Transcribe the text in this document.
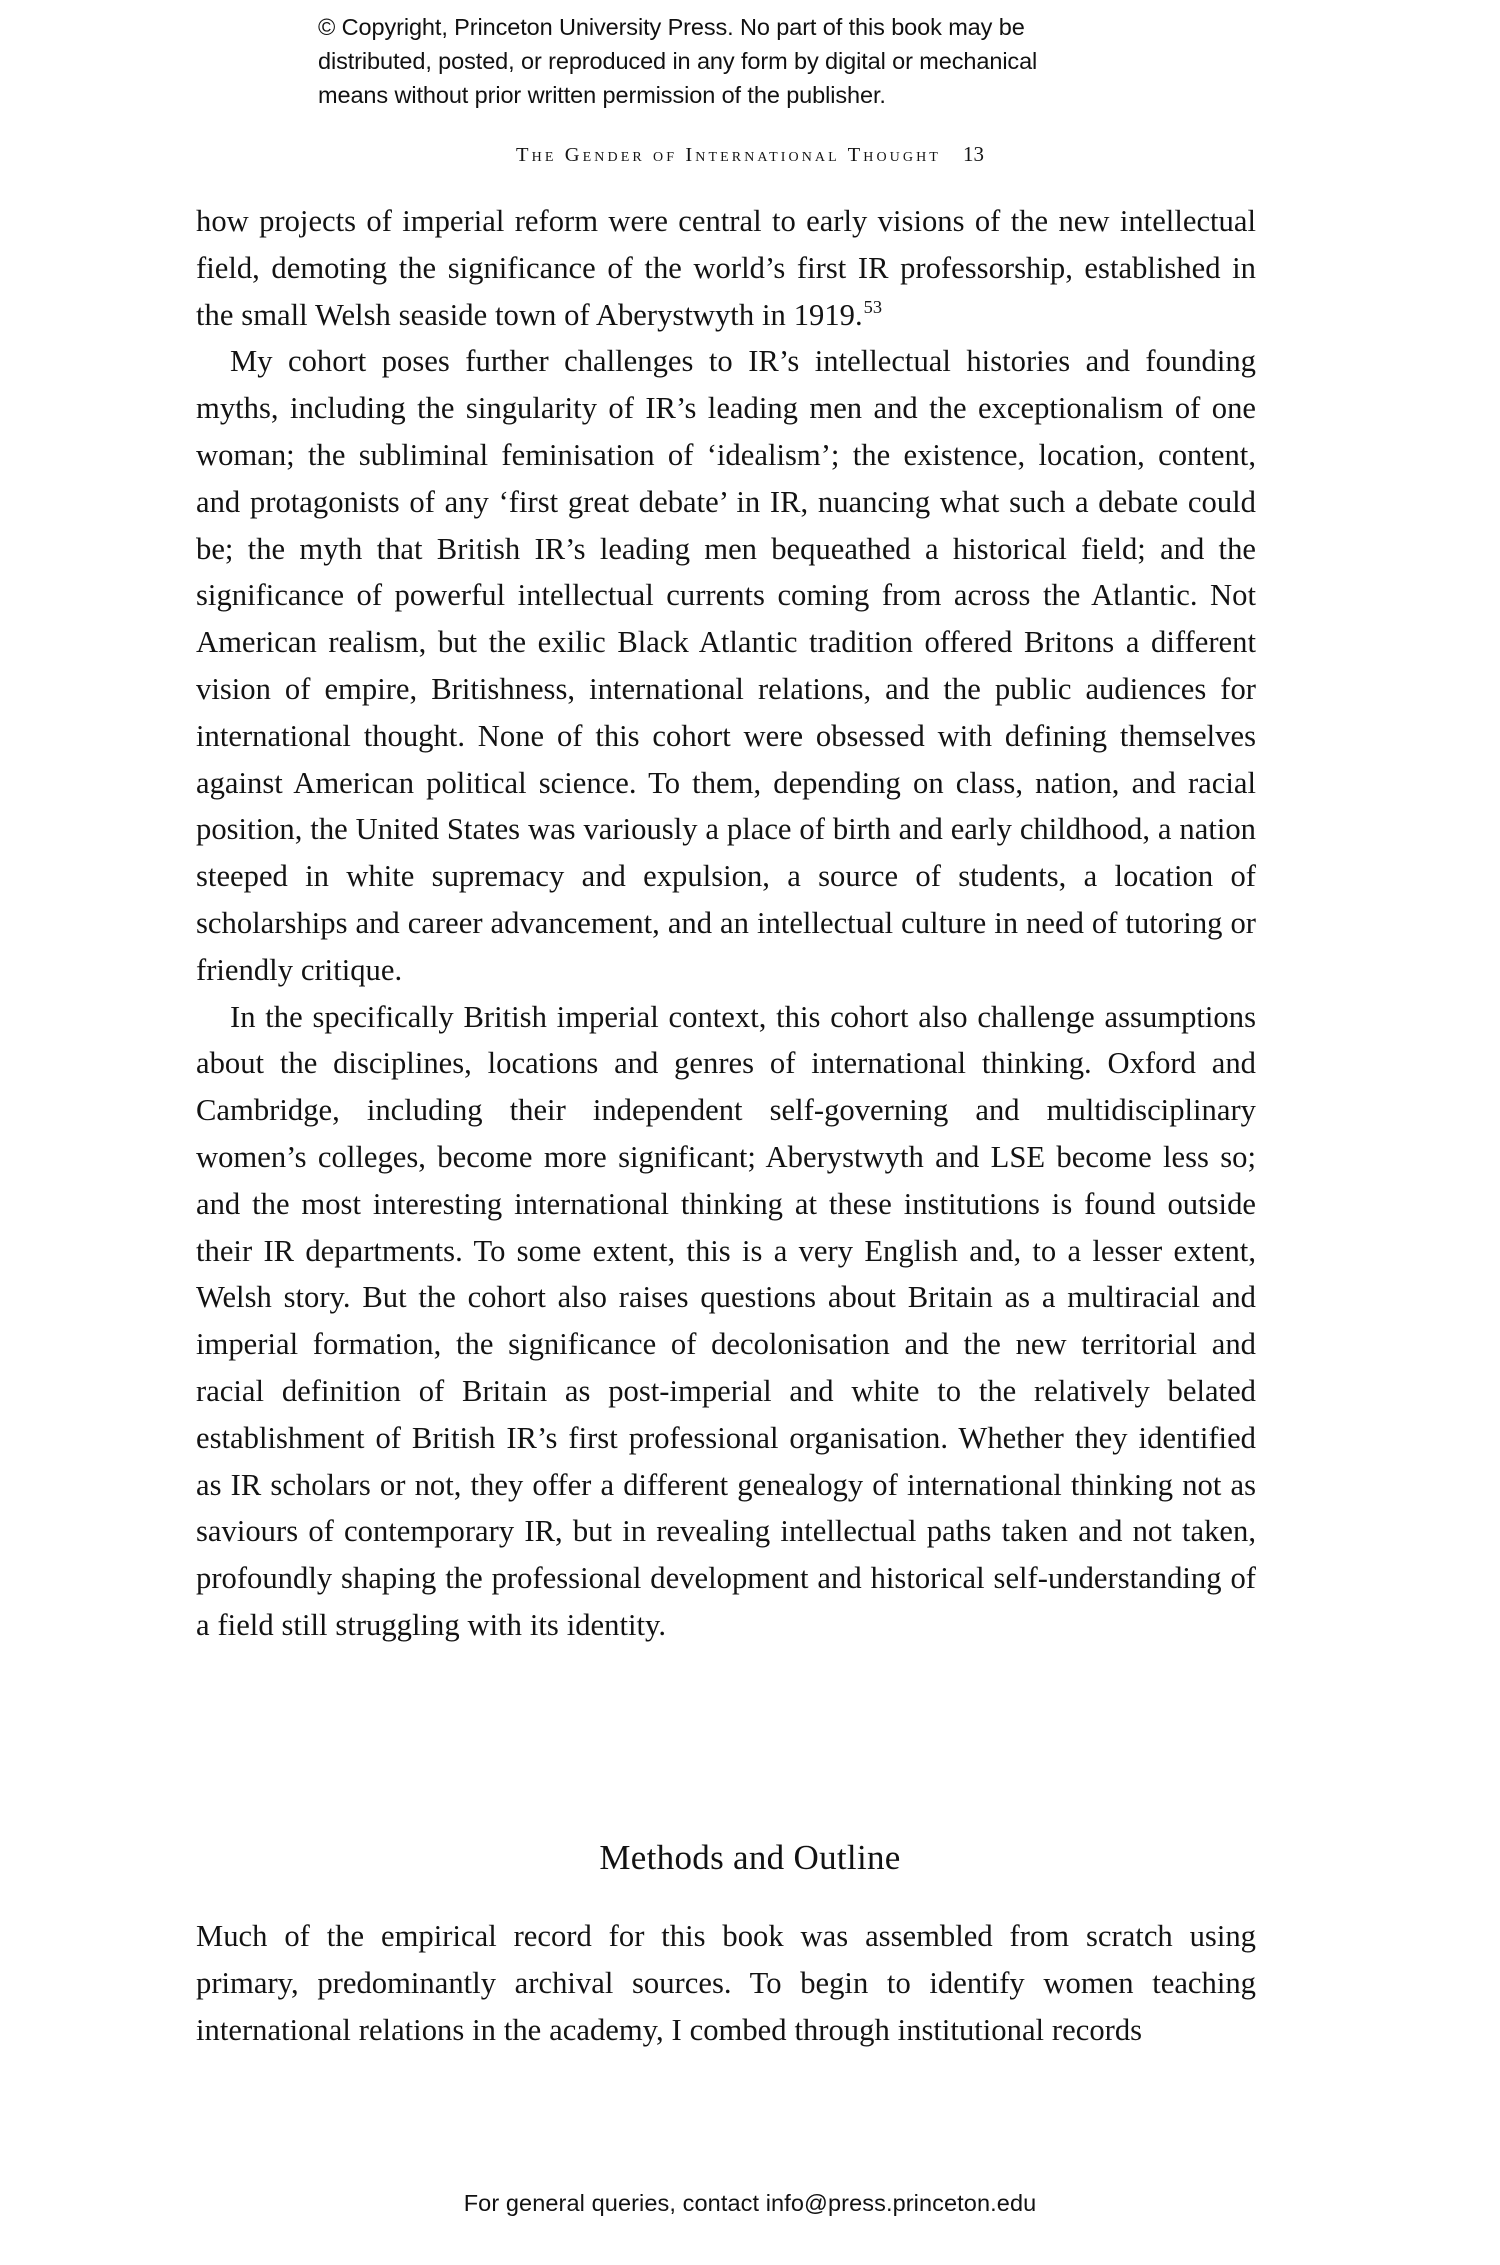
© Copyright, Princeton University Press. No part of this book may be
distributed, posted, or reproduced in any form by digital or mechanical
means without prior written permission of the publisher.
The Gender of International Thought 13

how projects of imperial reform were central to early visions of the new intellectual field, demoting the significance of the world’s first IR professorship, established in the small Welsh seaside town of Aberystwyth in 1919.53

My cohort poses further challenges to IR’s intellectual histories and founding myths, including the singularity of IR’s leading men and the exceptionalism of one woman; the subliminal feminisation of ‘idealism’; the existence, location, content, and protagonists of any ‘first great debate’ in IR, nuancing what such a debate could be; the myth that British IR’s leading men bequeathed a historical field; and the significance of powerful intellectual currents coming from across the Atlantic. Not American realism, but the exilic Black Atlantic tradition offered Britons a different vision of empire, Britishness, international relations, and the public audiences for international thought. None of this cohort were obsessed with defining themselves against American political science. To them, depending on class, nation, and racial position, the United States was variously a place of birth and early childhood, a nation steeped in white supremacy and expulsion, a source of students, a location of scholarships and career advancement, and an intellectual culture in need of tutoring or friendly critique.

In the specifically British imperial context, this cohort also challenge assumptions about the disciplines, locations and genres of international thinking. Oxford and Cambridge, including their independent self-governing and multidisciplinary women’s colleges, become more significant; Aberystwyth and LSE become less so; and the most interesting international thinking at these institutions is found outside their IR departments. To some extent, this is a very English and, to a lesser extent, Welsh story. But the cohort also raises questions about Britain as a multiracial and imperial formation, the significance of decolonisation and the new territorial and racial definition of Britain as post-imperial and white to the relatively belated establishment of British IR’s first professional organisation. Whether they identified as IR scholars or not, they offer a different genealogy of international thinking not as saviours of contemporary IR, but in revealing intellectual paths taken and not taken, profoundly shaping the professional development and historical self-understanding of a field still struggling with its identity.

Methods and Outline

Much of the empirical record for this book was assembled from scratch using primary, predominantly archival sources. To begin to identify women teaching international relations in the academy, I combed through institutional records

For general queries, contact info@press.princeton.edu
